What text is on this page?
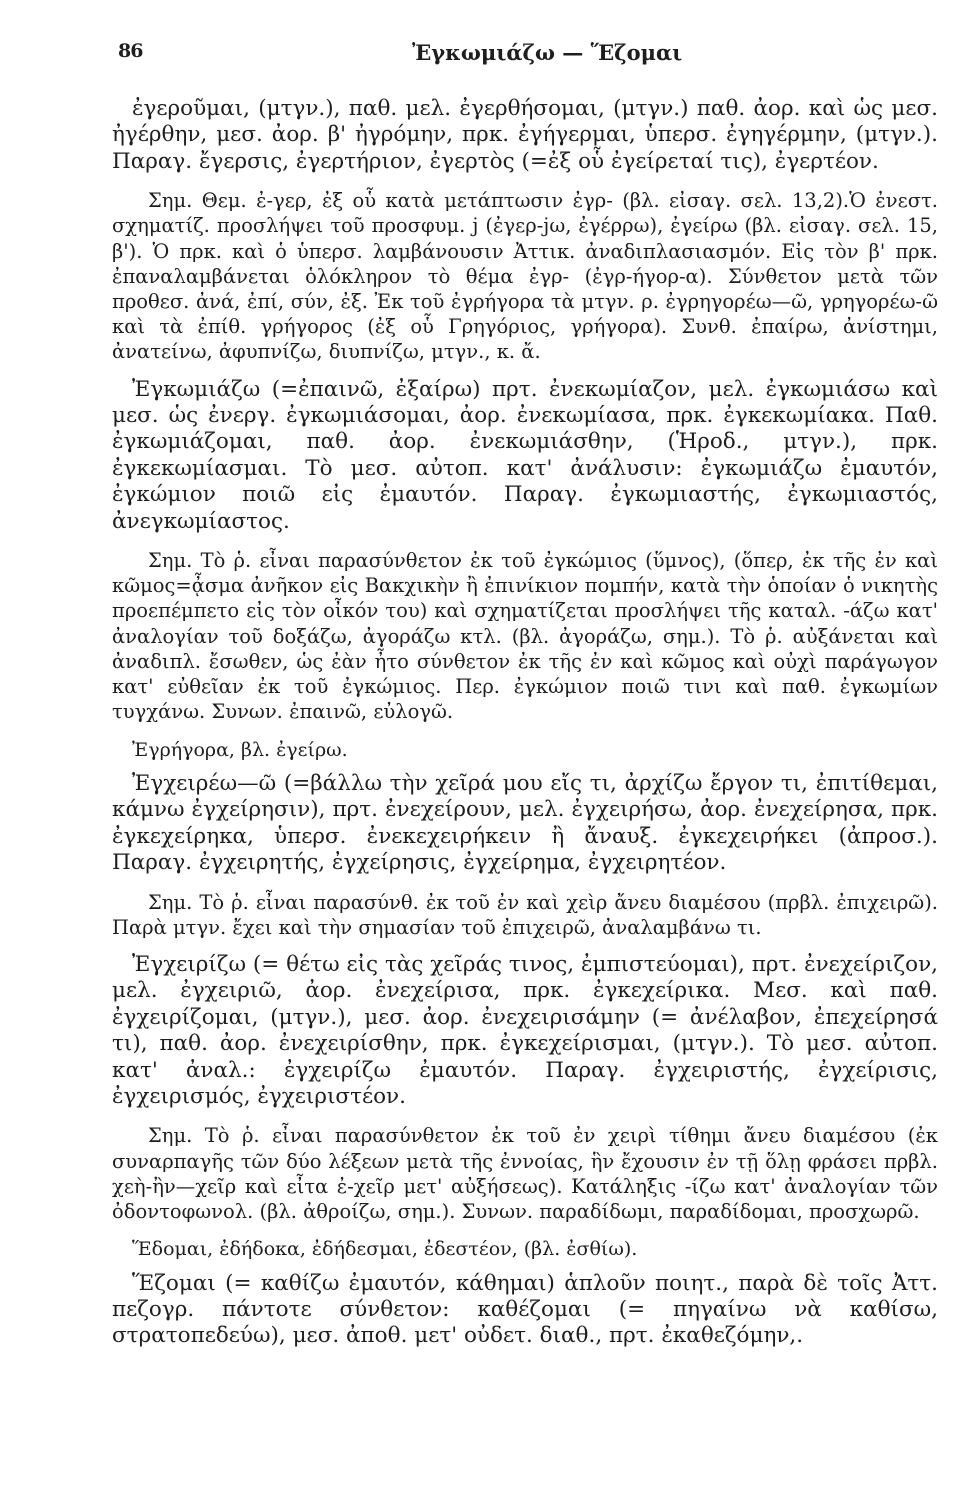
86	Ἐγκωμιάζω — Ἕζομαι

ἐγεροῦμαι, (μτγν.), παθ. μελ. ἐγερθήσομαι, (μτγν.) παθ. ἀορ. καὶ ὡς μεσ. ἠγέρθην, μεσ. ἀορ. β' ἠγρόμην, πρκ. ἐγήγερμαι, ὑπερσ. ἐγηγέρμην, (μτγν.). Παραγ. ἔγερσις, ἐγερτήριον, ἐγερτὸς (=ἐξ οὗ ἐγείρεταί τις), ἐγερτέον.

Σημ. Θεμ. ἐ-γερ, ἐξ οὗ κατὰ μετάπτωσιν ἐγρ- (βλ. εἰσαγ. σελ. 13,2).Ὁ ἐνεστ. σχηματίζ. προσλήψει τοῦ προσφυμ. j (ἐγερ-jω, ἐγέρρω), ἐγείρω (βλ. εἰσαγ. σελ. 15, β'). Ὁ πρκ. καὶ ὁ ὑπερσ. λαμβάνουσιν Ἀττικ. ἀναδιπλασιασμόν. Εἰς τὸν β' πρκ. ἐπαναλαμβάνεται ὁλόκληρον τὸ θέμα ἐγρ- (ἐγρ-ήγορ-α). Σύνθετον μετὰ τῶν προθεσ. ἀνά, ἐπί, σύν, ἐξ. Ἐκ τοῦ ἐγρήγορα τὰ μτγν. ρ. ἐγρηγορέω—ῶ, γρηγορέω-ῶ καὶ τὰ ἐπίθ. γρήγορος (ἐξ οὗ Γρηγόριος, γρήγορα). Συνθ. ἐπαίρω, ἀνίστημι, ἀνατείνω, ἀφυπνίζω, διυπνίζω, μτγν., κ. ἄ.

Ἐγκωμιάζω (=ἐπαινῶ, ἐξαίρω) πρτ. ἐνεκωμίαζον, μελ. ἐγκωμιάσω καὶ μεσ. ὡς ἐνεργ. ἐγκωμιάσομαι, ἀορ. ἐνεκωμίασα, πρκ. ἐγκεκωμίακα. Παθ. ἐγκωμιάζομαι, παθ. ἀορ. ἐνεκωμιάσθην, (Ἡροδ., μτγν.), πρκ. ἐγκεκωμίασμαι. Τὸ μεσ. αὐτοπ. κατ' ἀνάλυσιν: ἐγκωμιάζω ἐμαυτόν, ἐγκώμιον ποιῶ εἰς ἐμαυτόν. Παραγ. ἐγκωμιαστής, ἐγκωμιαστός, ἀνεγκωμίαστος.

Σημ. Τὸ ῥ. εἶναι παρασύνθετον ἐκ τοῦ ἐγκώμιος (ὕμνος), (ὅπερ, ἐκ τῆς ἐν καὶ κῶμος=ᾆσμα ἀνῆκον εἰς Βακχικὴν ἢ ἐπινίκιον πομπήν, κατὰ τὴν ὁποίαν ὁ νικητὴς προεπέμπετο εἰς τὸν οἶκόν του) καὶ σχηματίζεται προσλήψει τῆς καταλ. -άζω κατ' ἀναλογίαν τοῦ δοξάζω, ἀγοράζω κτλ. (βλ. ἀγοράζω, σημ.). Τὸ ῥ. αὐξάνεται καὶ ἀναδιπλ. ἔσωθεν, ὡς ἐὰν ἦτο σύνθετον ἐκ τῆς ἐν καὶ κῶμος καὶ οὐχὶ παράγωγον κατ' εὐθεῖαν ἐκ τοῦ ἐγκώμιος. Περ. ἐγκώμιον ποιῶ τινι καὶ παθ. ἐγκωμίων τυγχάνω. Συνων. ἐπαινῶ, εὐλογῶ.

Ἐγρήγορα, βλ. ἐγείρω.

Ἐγχειρέω—ῶ (=βάλλω τὴν χεῖρά μου εἴς τι, ἀρχίζω ἔργον τι, ἐπιτίθεμαι, κάμνω ἐγχείρησιν), πρτ. ἐνεχείρουν, μελ. ἐγχειρήσω, ἀορ. ἐνεχείρησα, πρκ. ἐγκεχείρηκα, ὑπερσ. ἐνεκεχειρήκειν ἢ ἄναυξ. ἐγκεχειρήκει (ἀπροσ.). Παραγ. ἐγχειρητής, ἐγχείρησις, ἐγχείρημα, ἐγχειρητέον.

Σημ. Τὸ ῥ. εἶναι παρασύνθ. ἐκ τοῦ ἐν καὶ χεὶρ ἄνευ διαμέσου (πρβλ. ἐπιχειρῶ). Παρὰ μτγν. ἔχει καὶ τὴν σημασίαν τοῦ ἐπιχειρῶ, ἀναλαμβάνω τι.

Ἐγχειρίζω (= θέτω εἰς τὰς χεῖράς τινος, ἐμπιστεύομαι), πρτ. ἐνεχείριζον, μελ. ἐγχειριῶ, ἀορ. ἐνεχείρισα, πρκ. ἐγκεχείρικα. Μεσ. καὶ παθ. ἐγχειρίζομαι, (μτγν.), μεσ. ἀορ. ἐνεχειρισάμην (= ἀνέλαβον, ἐπεχείρησά τι), παθ. ἀορ. ἐνεχειρίσθην, πρκ. ἐγκεχείρισμαι, (μτγν.). Τὸ μεσ. αὐτοπ. κατ' ἀναλ.: ἐγχειρίζω ἐμαυτόν. Παραγ. ἐγχειριστής, ἐγχείρισις, ἐγχειρισμός, ἐγχειριστέον.

Σημ. Τὸ ῥ. εἶναι παρασύνθετον ἐκ τοῦ ἐν χειρὶ τίθημι ἄνευ διαμέσου (ἐκ συναρπαγῆς τῶν δύο λέξεων μετὰ τῆς ἐννοίας, ἣν ἔχουσιν ἐν τῇ ὅλῃ φράσει πρβλ. χεὴ-ἢν—χεῖρ καὶ εἶτα ἐ-χεῖρ μετ' αὐξήσεως). Κατάληξις -ίζω κατ' ἀναλογίαν τῶν ὀδοντοφωνολ. (βλ. ἀθροίζω, σημ.). Συνων. παραδίδωμι, παραδίδομαι, προσχωρῶ.

Ἕδομαι, ἐδήδοκα, ἐδήδεσμαι, ἐδεστέον, (βλ. ἐσθίω).

Ἕζομαι (= καθίζω ἐμαυτόν, κάθημαι) ἁπλοῦν ποιητ., παρὰ δὲ τοῖς Ἀττ. πεζογρ. πάντοτε σύνθετον: καθέζομαι (= πηγαίνω νὰ καθίσω, στρατοπεδεύω), μεσ. ἀποθ. μετ' οὐδετ. διαθ., πρτ. ἐκαθεζόμην,.
